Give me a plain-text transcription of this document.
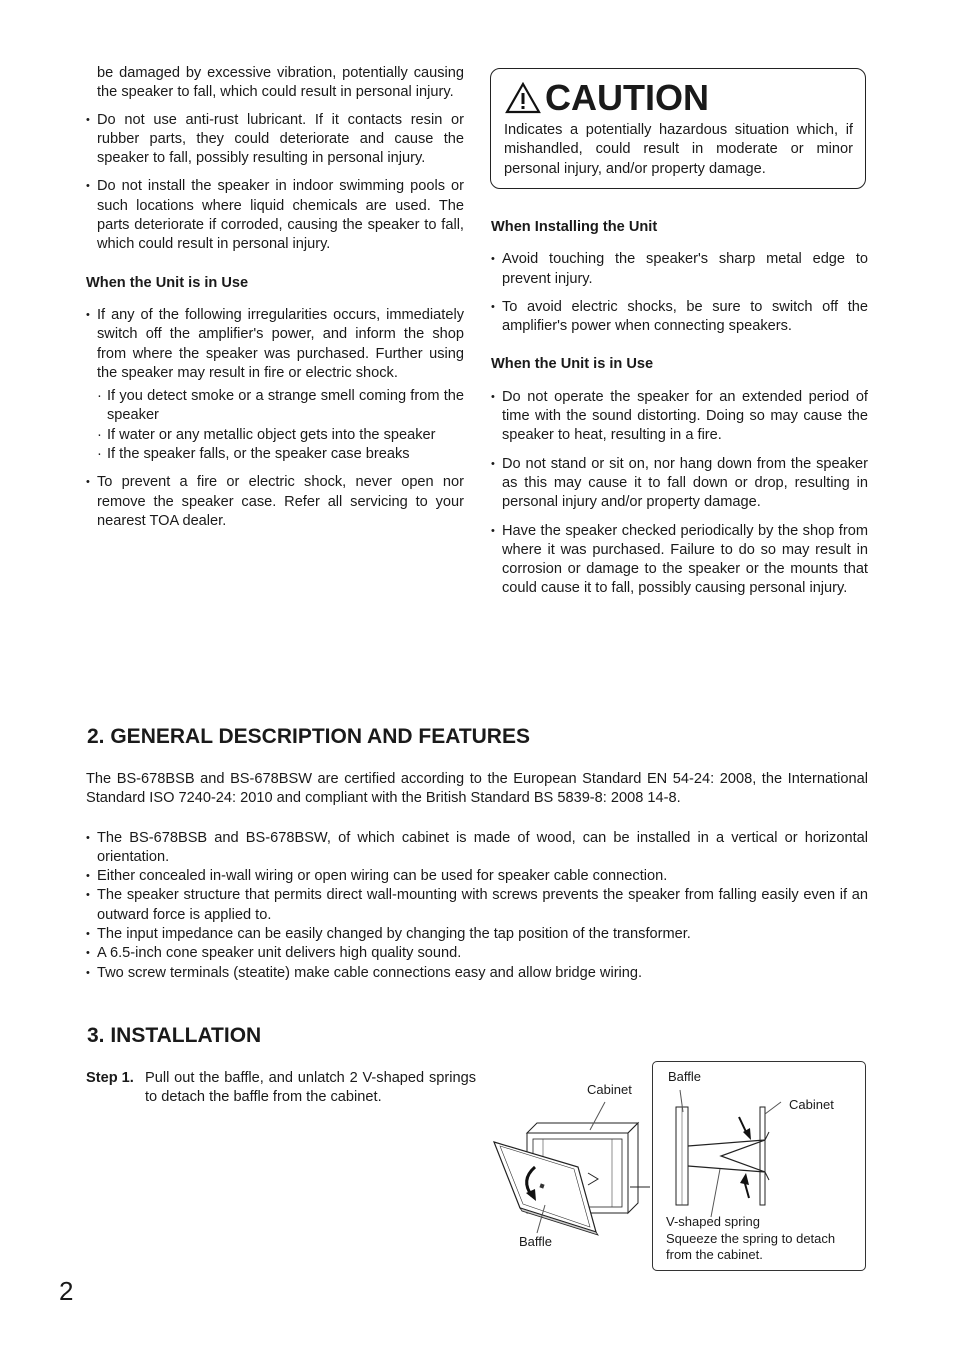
be damaged by excessive vibration, potentially causing the speaker to fall, which could result in personal injury.

• Do not use anti-rust lubricant. If it contacts resin or rubber parts, they could deteriorate and cause the speaker to fall, possibly resulting in personal injury.
• Do not install the speaker in indoor swimming pools or such locations where liquid chemicals are used. The parts deteriorate if corroded, causing the speaker to fall, which could result in personal injury.

When the Unit is in Use

• If any of the following irregularities occurs, immediately switch off the amplifier's power, and inform the shop from where the speaker was purchased. Further using the speaker may result in fire or electric shock.
· If you detect smoke or a strange smell coming from the speaker
· If water or any metallic object gets into the speaker
· If the speaker falls, or the speaker case breaks
• To prevent a fire or electric shock, never open nor remove the speaker case. Refer all servicing to your nearest TOA dealer.
CAUTION
Indicates a potentially hazardous situation which, if mishandled, could result in moderate or minor personal injury, and/or property damage.

When Installing the Unit

• Avoid touching the speaker's sharp metal edge to prevent injury.
• To avoid electric shocks, be sure to switch off the amplifier's power when connecting speakers.

When the Unit is in Use

• Do not operate the speaker for an extended period of time with the sound distorting. Doing so may cause the speaker to heat, resulting in a fire.
• Do not stand or sit on, nor hang down from the speaker as this may cause it to fall down or drop, resulting in personal injury and/or property damage.
• Have the speaker checked periodically by the shop from where it was purchased. Failure to do so may result in corrosion or damage to the speaker or the mounts that could cause it to fall, possibly causing personal injury.
2. GENERAL DESCRIPTION AND FEATURES

The BS-678BSB and BS-678BSW are certified according to the European Standard EN 54-24: 2008, the International Standard ISO 7240-24: 2010 and compliant with the British Standard BS 5839-8: 2008 14-8.

• The BS-678BSB and BS-678BSW, of which cabinet is made of wood, can be installed in a vertical or horizontal orientation.
• Either concealed in-wall wiring or open wiring can be used for speaker cable connection.
• The speaker structure that permits direct wall-mounting with screws prevents the speaker from falling easily even if an outward force is applied to.
• The input impedance can be easily changed by changing the tap position of the transformer.
• A 6.5-inch cone speaker unit delivers high quality sound.
• Two screw terminals (steatite) make cable connections easy and allow bridge wiring.
3. INSTALLATION
Step 1. Pull out the baffle, and unlatch 2 V-shaped springs to detach the baffle from the cabinet.	Cabinet
Baffle
Baffle
Cabinet
V-shaped spring
Squeeze the spring to detach from the cabinet.
2
